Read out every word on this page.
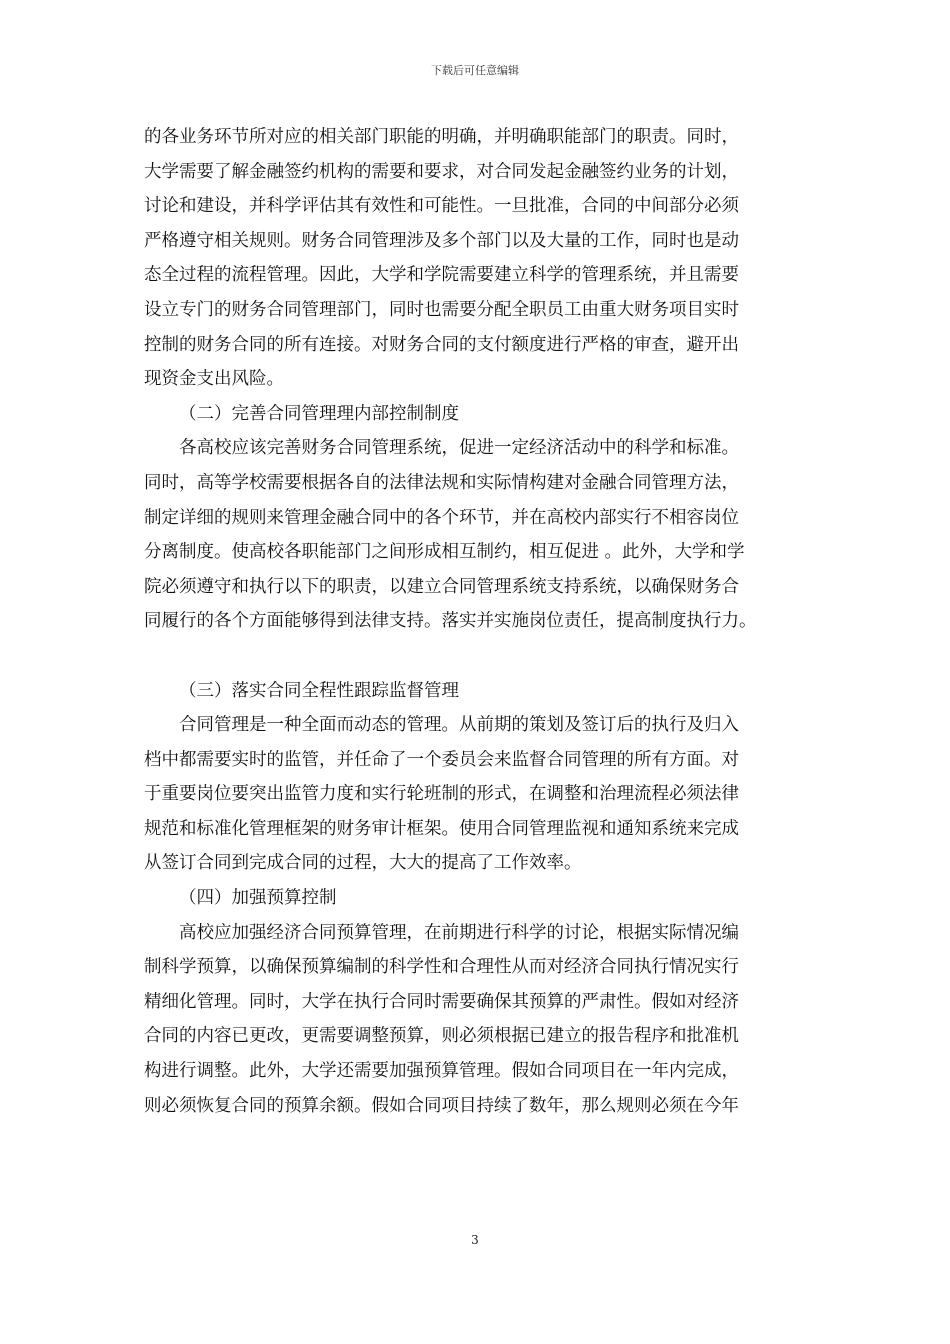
下载后可任意编辑
的各业务环节所对应的相关部门职能的明确，并明确职能部门的职责。同时，
大学需要了解金融签约机构的需要和要求，对合同发起金融签约业务的计划，
讨论和建设，并科学评估其有效性和可能性。一旦批准，合同的中间部分必须
严格遵守相关规则。财务合同管理涉及多个部门以及大量的工作，同时也是动
态全过程的流程管理。因此，大学和学院需要建立科学的管理系统，并且需要
设立专门的财务合同管理部门，同时也需要分配全职员工由重大财务项目实时
控制的财务合同的所有连接。对财务合同的支付额度进行严格的审查，避开出
现资金支出风险。
（二）完善合同管理理内部控制制度
各高校应该完善财务合同管理系统，促进一定经济活动中的科学和标准。
同时，高等学校需要根据各自的法律法规和实际情构建对金融合同管理方法，
制定详细的规则来管理金融合同中的各个环节，并在高校内部实行不相容岗位
分离制度。使高校各职能部门之间形成相互制约，相互促进 。此外，大学和学
院必须遵守和执行以下的职责，以建立合同管理系统支持系统，以确保财务合
同履行的各个方面能够得到法律支持。落实并实施岗位责任，提高制度执行力。
（三）落实合同全程性跟踪监督管理
合同管理是一种全面而动态的管理。从前期的策划及签订后的执行及归入
档中都需要实时的监管，并任命了一个委员会来监督合同管理的所有方面。对
于重要岗位要突出监管力度和实行轮班制的形式，在调整和治理流程必须法律
规范和标准化管理框架的财务审计框架。使用合同管理监视和通知系统来完成
从签订合同到完成合同的过程，大大的提高了工作效率。
（四）加强预算控制
高校应加强经济合同预算管理，在前期进行科学的讨论，根据实际情况编
制科学预算，以确保预算编制的科学性和合理性从而对经济合同执行情况实行
精细化管理。同时，大学在执行合同时需要确保其预算的严肃性。假如对经济
合同的内容已更改，更需要调整预算，则必须根据已建立的报告程序和批准机
构进行调整。此外，大学还需要加强预算管理。假如合同项目在一年内完成，
则必须恢复合同的预算余额。假如合同项目持续了数年，那么规则必须在今年
3
